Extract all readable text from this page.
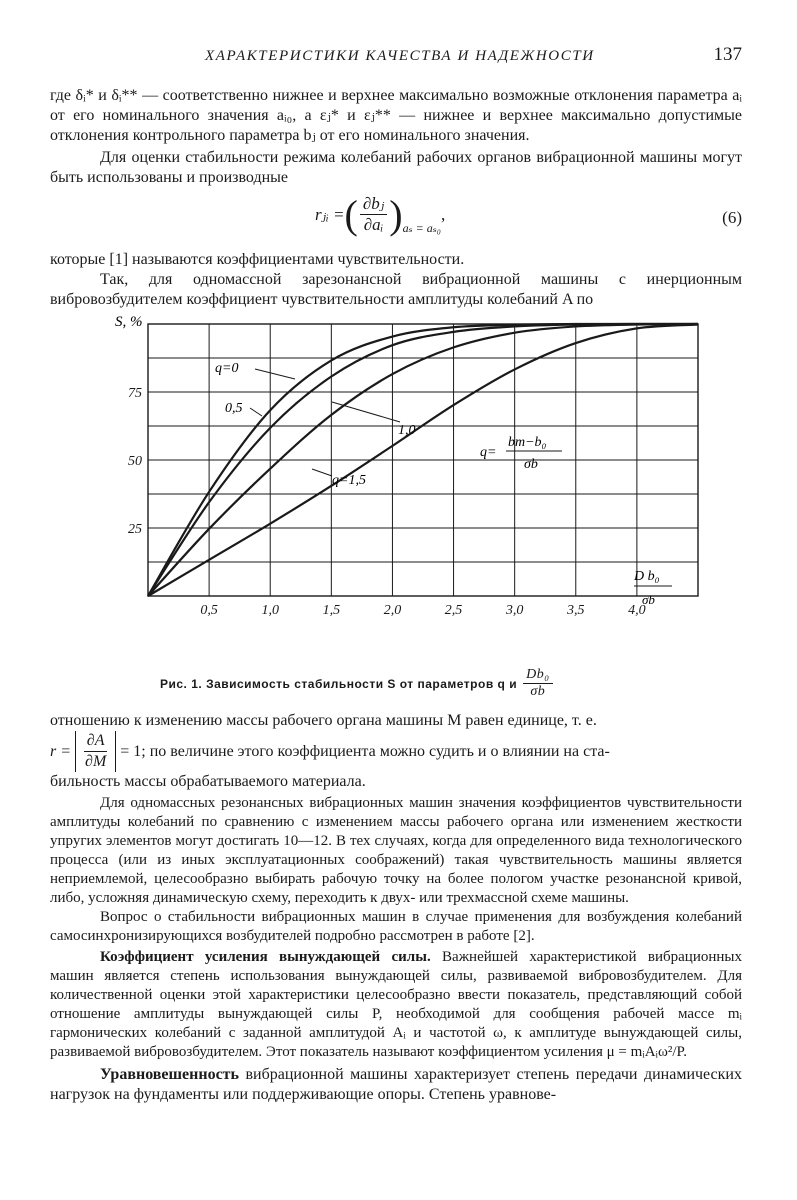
ХАРАКТЕРИСТИКИ КАЧЕСТВА И НАДЕЖНОСТИ	137

где δᵢ* и δᵢ** — соответственно нижнее и верхнее максимально возможные отклонения параметра aᵢ от его номинального значения aᵢ₀, а εⱼ* и εⱼ** — нижнее и верхнее максимально допустимые отклонения контрольного параметра bⱼ от его номинального значения.

Для оценки стабильности режима колебаний рабочих органов вибрационной машины могут быть использованы и производные

rⱼᵢ = ( $\frac{\text{∂bⱼ}}{\text{∂aᵢ}}$ ) aₛ = aₛ₀
,	(6)

которые [1] называются коэффициентами чувствительности.

Так, для одномассной зарезонансной вибрационной машины с инерционным вибровозбудителем коэффициент чувствительности амплитуды колебаний A по

0,5	1,0	1,5	2,0	2,5	3,0	3,5	4,0
25
50
75
S, %
q=0
0,5
1,0
q=1,5
q=
bm−b₀
σb
D b₀
σb
Рис. 1. Зависимость стабильности S от параметров q и $\frac{\text{Db₀}}{\sigma b}$

отношению к изменению массы рабочего органа машины M равен единице, т. е.

$r = \frac{\partial A}{\partial M} = 1$; по величине этого коэффициента можно судить и о влиянии на ста-

бильность массы обрабатываемого материала.

Для одномассных резонансных вибрационных машин значения коэффициентов чувствительности амплитуды колебаний по сравнению с изменением массы рабочего органа или изменением жесткости упругих элементов могут достигать 10—12. В тех случаях, когда для определенного вида технологического процесса (или из иных эксплуатационных соображений) такая чувствительность машины является неприемлемой, целесообразно выбирать рабочую точку на более пологом участке резонансной кривой, либо, усложняя динамическую схему, переходить к двух- или трехмассной схеме машины.

Вопрос о стабильности вибрационных машин в случае применения для возбуждения колебаний самосинхронизирующихся возбудителей подробно рассмотрен в работе [2].

Коэффициент усиления вынуждающей силы. Важнейшей характеристикой вибрационных машин является степень использования вынуждающей силы, развиваемой вибровозбудителем. Для количественной оценки этой характеристики целесообразно ввести показатель, представляющий собой отношение амплитуды вынуждающей силы P, необходимой для сообщения рабочей массе mᵢ гармонических колебаний с заданной амплитудой Aᵢ и частотой ω, к амплитуде вынуждающей силы, развиваемой вибровозбудителем. Этот показатель называют коэффициентом усиления μ = mᵢAᵢω²/P.

Уравновешенность вибрационной машины характеризует степень передачи динамических нагрузок на фундаменты или поддерживающие опоры. Степень уравнове-
